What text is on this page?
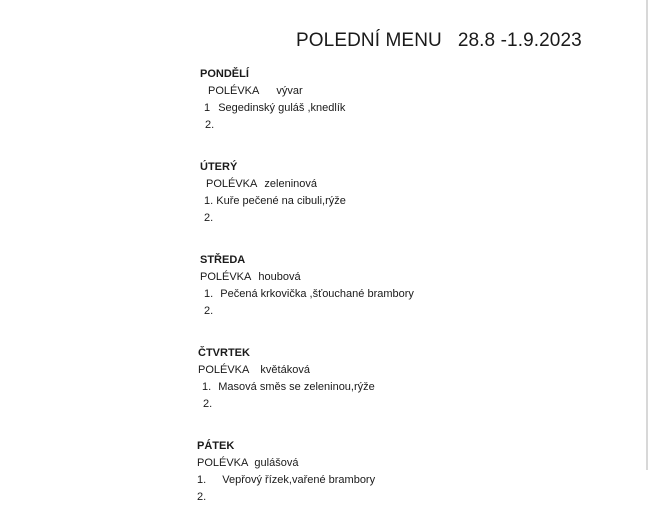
POLEDNÍ MENU 28.8 -1.9.2023
PONDĚLÍ
POLÉVKA vývar
1 Segedinský guláš ,knedlík
2.
ÚTERÝ
POLÉVKA zeleninová
1. Kuře pečené na cibuli,rýže
2.
STŘEDA
POLÉVKA houbová
1. Pečená krkovička ,šťouchané brambory
2.
ČTVRTEK
POLÉVKA květáková
1. Masová směs se zeleninou,rýže
2.
PÁTEK
POLÉVKA gulášová
1. Vepřový řízek,vařené brambory
2.
